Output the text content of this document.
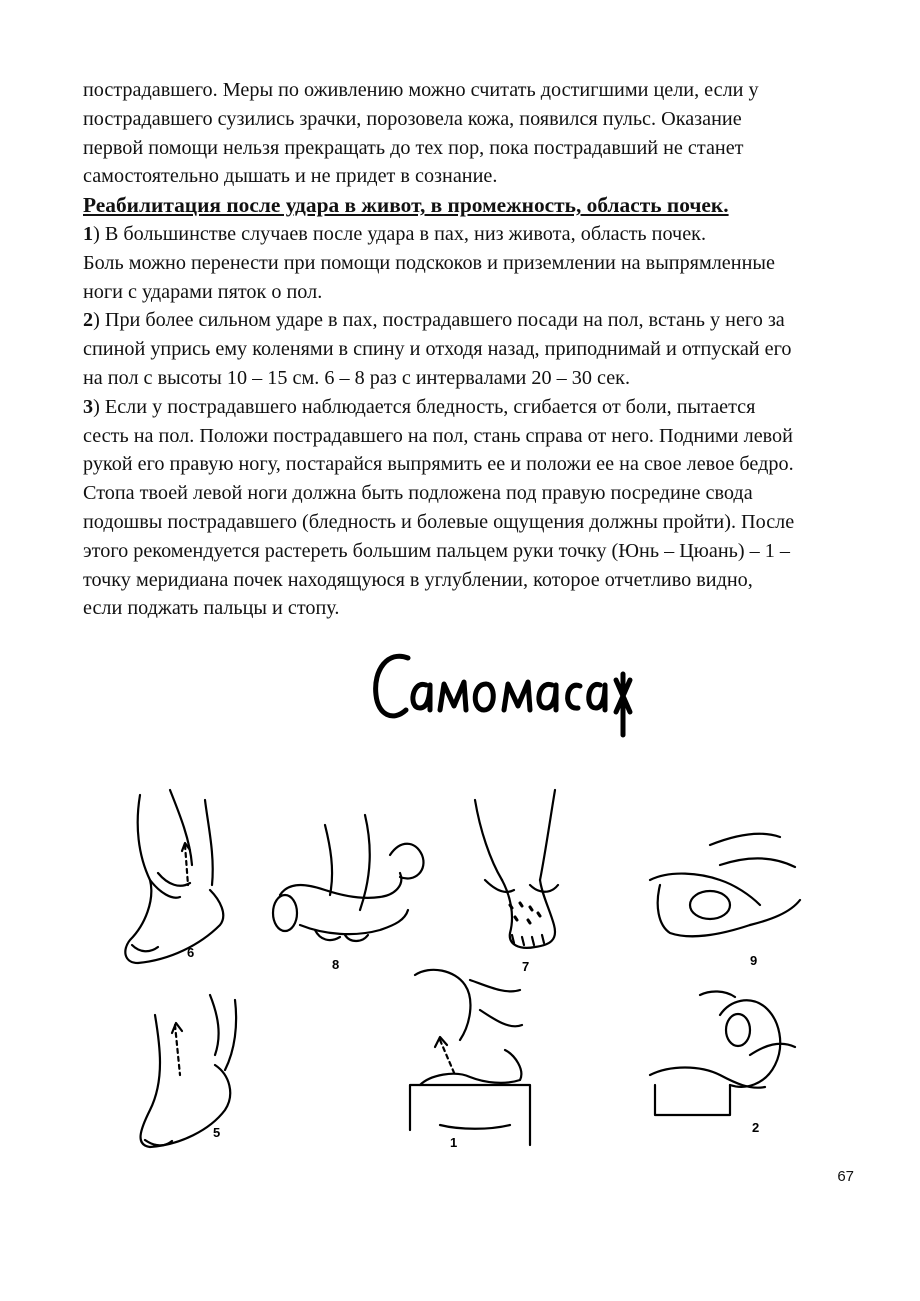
пострадавшего. Меры по оживлению можно считать достигшими цели, если у
пострадавшего сузились зрачки, порозовела кожа, появился пульс. Оказание
первой помощи нельзя прекращать до тех пор, пока пострадавший не станет
самостоятельно дышать и не придет в сознание.
Реабилитация после удара в живот, в промежность, область почек.
1) В большинстве случаев после удара в пах, низ живота, область почек.
Боль можно перенести при помощи подскоков и приземлении на выпрямленные
ноги с ударами пяток о пол.
2) При более сильном ударе в пах, пострадавшего посади на пол, встань у него за
спиной упрись ему коленями в спину и отходя назад, приподнимай и отпускай его
на пол с высоты 10 – 15 см. 6 – 8 раз с интервалами 20 – 30 сек.
3) Если у пострадавшего наблюдается бледность, сгибается от боли, пытается
сесть на пол. Положи пострадавшего на пол, стань справа от него. Подними левой
рукой его правую ногу, постарайся выпрямить ее и положи ее на свое левое бедро.
Стопа твоей левой ноги должна быть подложена под правую посредине свода
подошвы пострадавшего (бледность и болевые ощущения должны пройти). После
этого рекомендуется растереть большим пальцем руки точку (Юнь – Цюань) – 1 –
точку меридиана почек находящуюся в углублении, которое отчетливо видно,
если поджать пальцы и стопу.
6
8	7	9
5
1
2
67
